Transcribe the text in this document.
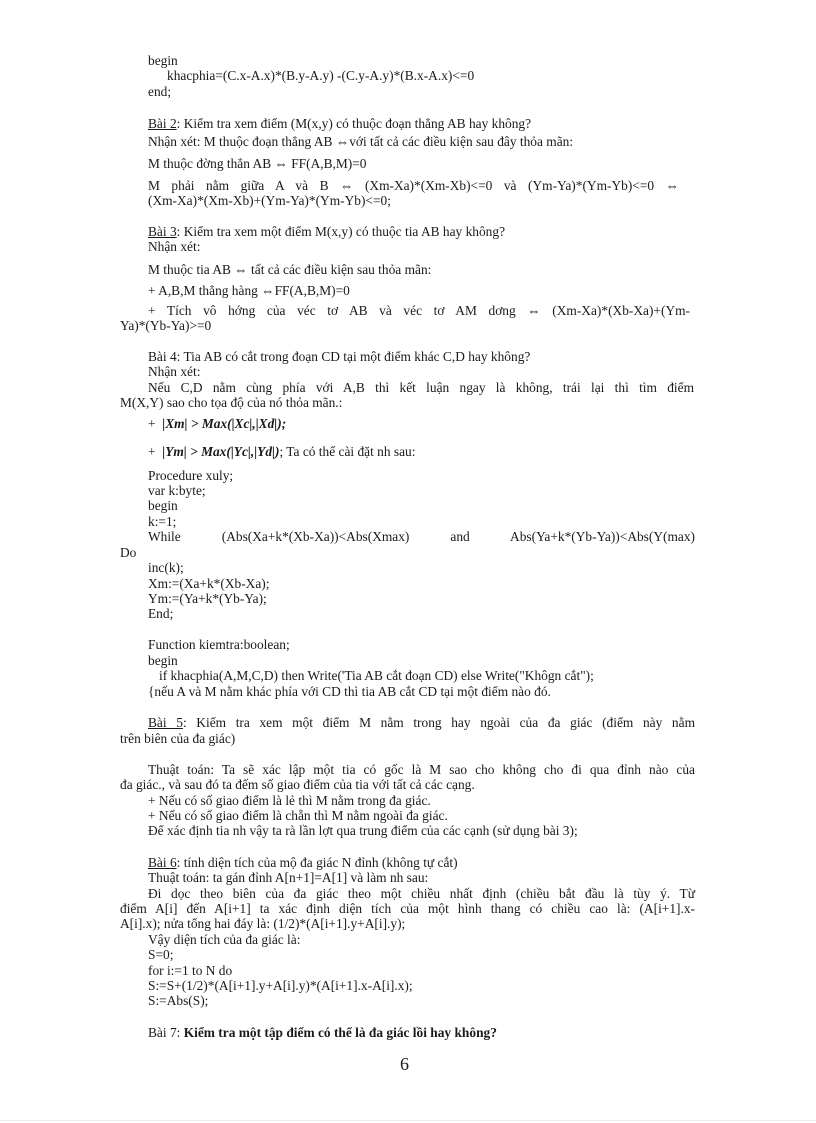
begin
khacphia=(C.x-A.x)*(B.y-A.y) -(C.y-A.y)*(B.x-A.x)<=0
end;
Bài 2: Kiểm tra xem điểm (M(x,y) có thuộc đoạn thẳng AB hay không?
Nhận xét: M thuộc đoạn thẳng AB ⇔với tất cả các điều kiện sau đây thỏa mãn:
M thuộc đờng thẳn AB ⇔ FF(A,B,M)=0
M phải nằm giữa A và B ⇔ (Xm-Xa)*(Xm-Xb)<=0 và (Ym-Ya)*(Ym-Yb)<=0 ⇔
(Xm-Xa)*(Xm-Xb)+(Ym-Ya)*(Ym-Yb)<=0;
Bài 3: Kiểm tra xem một điểm M(x,y) có thuộc tia AB hay không?
Nhận xét:
M thuộc tia AB ⇔ tất cả các điều kiện sau thỏa mãn:
+ A,B,M thẳng hàng ⇔FF(A,B,M)=0
+ Tích vô hớng của véc tơ AB và véc tơ AM dơng ⇔ (Xm-Xa)*(Xb-Xa)+(Ym-
Ya)*(Yb-Ya)>=0
Bài 4: Tia AB có cắt trong đoạn CD tại một điểm khác C,D hay không?
Nhận xét:
Nếu C,D nằm cùng phía với A,B thì kết luận ngay là không, trái lại thì tìm điểm
M(X,Y) sao cho tọa độ của nó thỏa mãn.:
+ |Xm| > Max(|Xc|,|Xd|);
+ |Ym| > Max(|Yc|,|Yd|); Ta có thể cài đặt nh sau:
Procedure xuly;
var k:byte;
begin
k:=1;
While (Abs(Xa+k*(Xb-Xa))<Abs(Xmax) and Abs(Ya+k*(Yb-Ya))<Abs(Y(max)
Do
inc(k);
Xm:=(Xa+k*(Xb-Xa);
Ym:=(Ya+k*(Yb-Ya);
End;
Function kiemtra:boolean;
begin
if khacphia(A,M,C,D) then Write('Tia AB cắt đoạn CD) else Write("Khôgn cắt");
{nếu A và M nằm khác phía với CD thì tia AB cắt CD tại một điểm nào đó.
Bài 5: Kiểm tra xem một điểm M nằm trong hay ngoài của đa giác (điểm này nằm
trên biên của đa giác)
Thuật toán: Ta sẽ xác lập một tia có gốc là M sao cho không cho đi qua đỉnh nào của
đa giác., và sau đó ta đếm số giao điểm của tia với tất cả các cạng.
+ Nếu có số giao điểm là lẻ thì M nằm trong đa giác.
+ Nếu có số giao điểm là chẵn thì M nằm ngoài đa giác.
Để xác định tia nh vậy ta rà lần lợt qua trung điểm của các cạnh (sử dụng bài 3);
Bài 6: tính diện tích của mộ đa giác N đỉnh (không tự cắt)
Thuật toán: ta gán đỉnh A[n+1]=A[1] và làm nh sau:
Đi dọc theo biên của đa giác theo một chiều nhất định (chiều bắt đầu là tùy ý. Từ
điểm A[i] đến A[i+1] ta xác định diện tích của một hình thang có chiều cao là: (A[i+1].x-
A[i].x); nửa tổng hai đáy là: (1/2)*(A[i+1].y+A[i].y);
Vậy diện tích của đa giác là:
S=0;
for i:=1 to N do
S:=S+(1/2)*(A[i+1].y+A[i].y)*(A[i+1].x-A[i].x);
S:=Abs(S);
Bài 7: Kiểm tra một tập điểm có thể là đa giác lồi hay không?
6
